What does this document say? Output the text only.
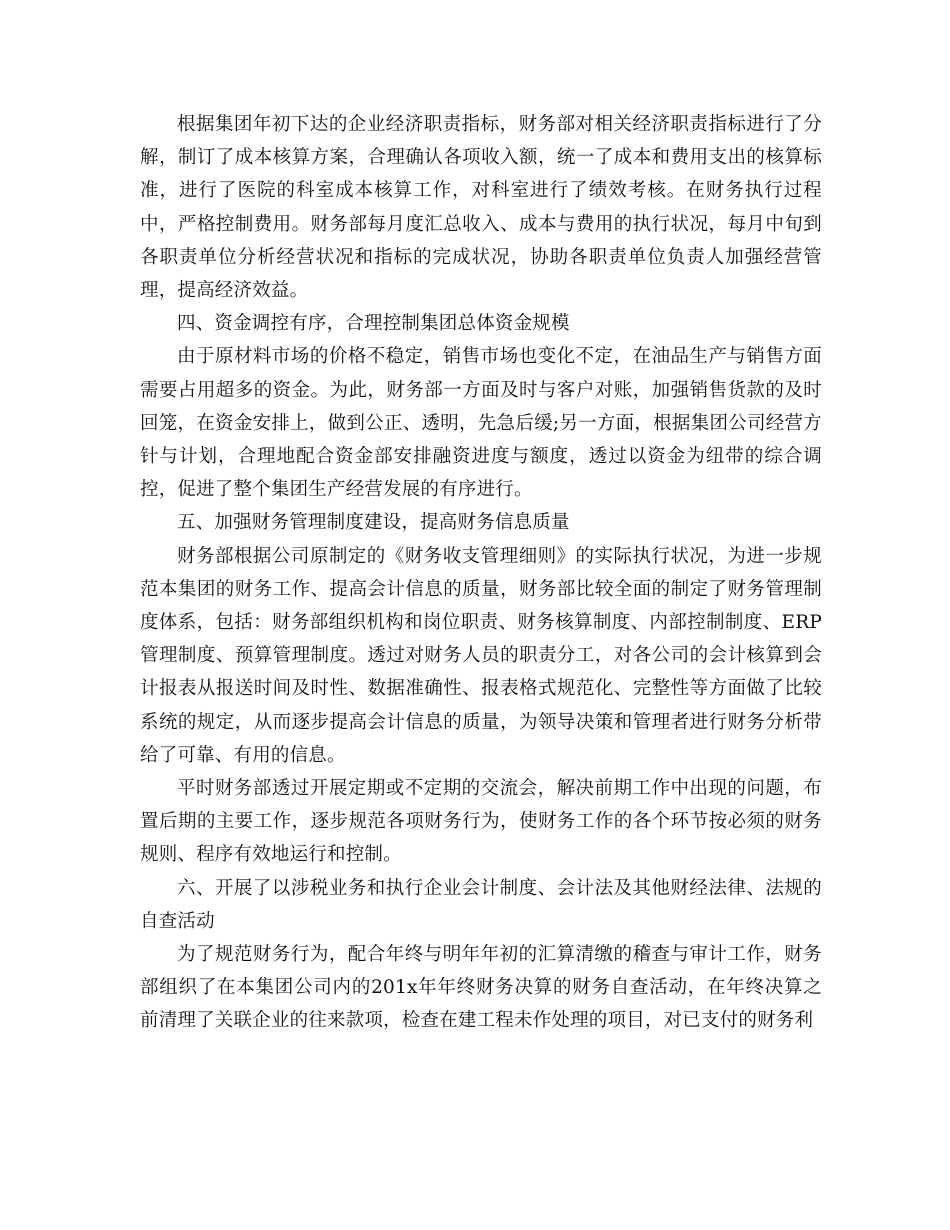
根据集团年初下达的企业经济职责指标，财务部对相关经济职责指标进行了分解，制订了成本核算方案，合理确认各项收入额，统一了成本和费用支出的核算标准，进行了医院的科室成本核算工作，对科室进行了绩效考核。在财务执行过程中，严格控制费用。财务部每月度汇总收入、成本与费用的执行状况，每月中旬到各职责单位分析经营状况和指标的完成状况，协助各职责单位负责人加强经营管理，提高经济效益。

四、资金调控有序，合理控制集团总体资金规模

由于原材料市场的价格不稳定，销售市场也变化不定，在油品生产与销售方面需要占用超多的资金。为此，财务部一方面及时与客户对账，加强销售货款的及时回笼，在资金安排上，做到公正、透明，先急后缓;另一方面，根据集团公司经营方针与计划，合理地配合资金部安排融资进度与额度，透过以资金为纽带的综合调控，促进了整个集团生产经营发展的有序进行。

五、加强财务管理制度建设，提高财务信息质量

财务部根据公司原制定的《财务收支管理细则》的实际执行状况，为进一步规范本集团的财务工作、提高会计信息的质量，财务部比较全面的制定了财务管理制度体系，包括：财务部组织机构和岗位职责、财务核算制度、内部控制制度、ERP管理制度、预算管理制度。透过对财务人员的职责分工，对各公司的会计核算到会计报表从报送时间及时性、数据准确性、报表格式规范化、完整性等方面做了比较系统的规定，从而逐步提高会计信息的质量，为领导决策和管理者进行财务分析带给了可靠、有用的信息。

平时财务部透过开展定期或不定期的交流会，解决前期工作中出现的问题，布置后期的主要工作，逐步规范各项财务行为，使财务工作的各个环节按必须的财务规则、程序有效地运行和控制。

六、开展了以涉税业务和执行企业会计制度、会计法及其他财经法律、法规的自查活动

为了规范财务行为，配合年终与明年年初的汇算清缴的稽查与审计工作，财务部组织了在本集团公司内的201x年年终财务决算的财务自查活动，在年终决算之前清理了关联企业的往来款项，检查在建工程未作处理的项目，对已支付的财务利
